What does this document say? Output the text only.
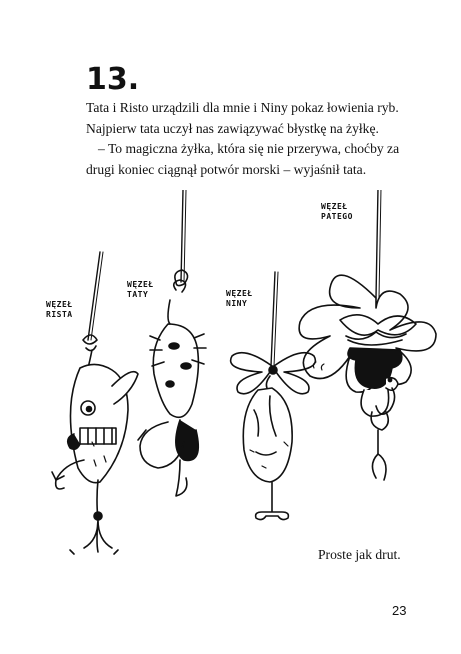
13.

Tata i Risto urządzili dla mnie i Niny pokaz łowienia ryb.

Najpierw tata uczył nas zawiązywać błystkę na żyłkę.

– To magiczna żyłka, która się nie przerywa, choćby za

drugi koniec ciągnął potwór morski – wyjaśnił tata.

WĘZEŁ
RISTA
WĘZEŁ
TATY	WĘZEŁ
NINY
WĘZEŁ
PATEGO
Proste jak drut.
23
